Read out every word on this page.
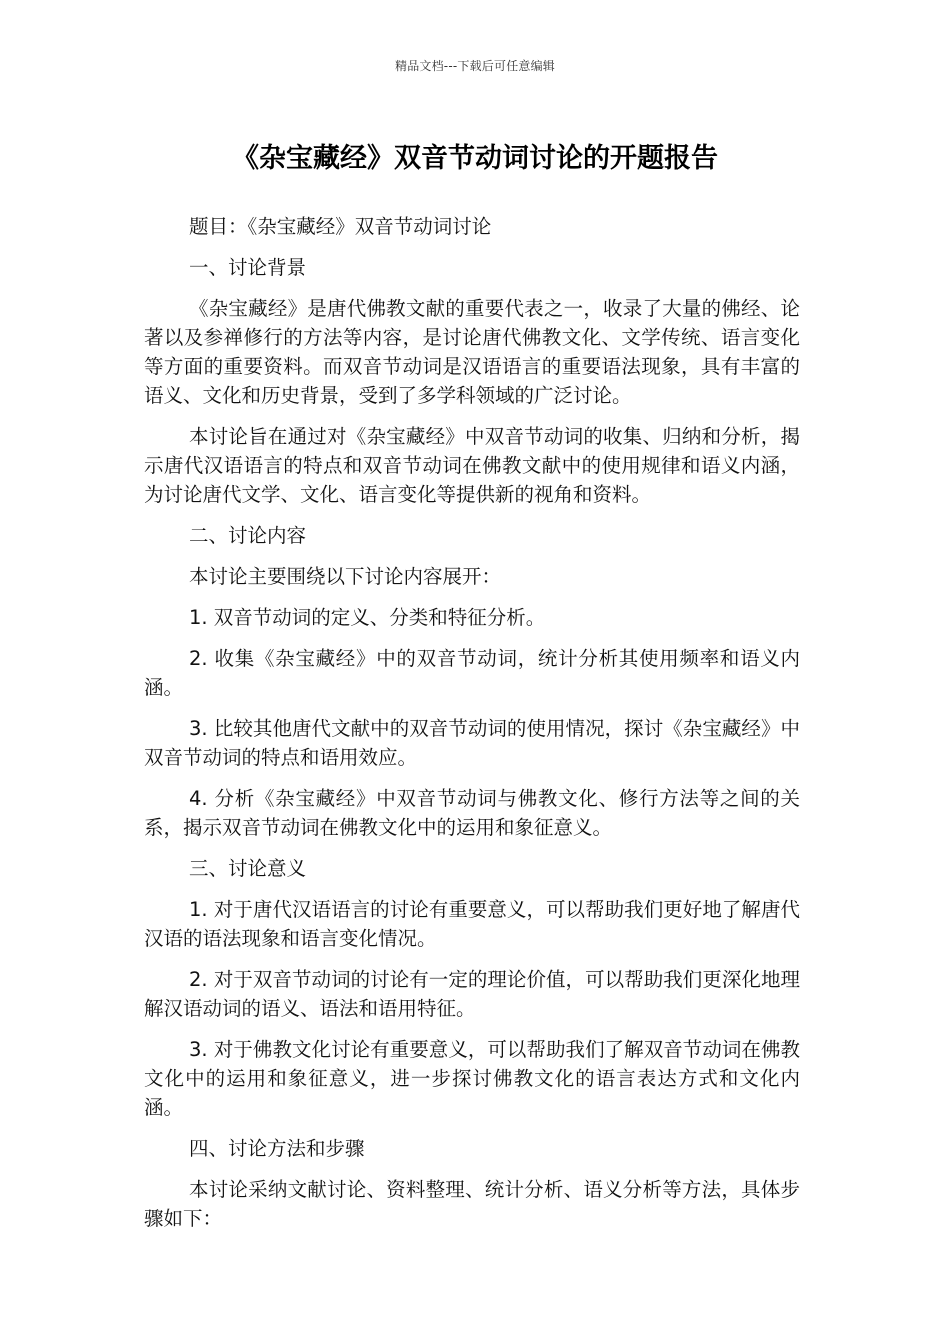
精品文档---下载后可任意编辑
《杂宝藏经》双音节动词讨论的开题报告

题目：《杂宝藏经》双音节动词讨论

一、讨论背景

《杂宝藏经》是唐代佛教文献的重要代表之一，收录了大量的佛经、论著以及参禅修行的方法等内容，是讨论唐代佛教文化、文学传统、语言变化等方面的重要资料。而双音节动词是汉语语言的重要语法现象，具有丰富的语义、文化和历史背景，受到了多学科领域的广泛讨论。

本讨论旨在通过对《杂宝藏经》中双音节动词的收集、归纳和分析，揭示唐代汉语语言的特点和双音节动词在佛教文献中的使用规律和语义内涵，为讨论唐代文学、文化、语言变化等提供新的视角和资料。

二、讨论内容

本讨论主要围绕以下讨论内容展开：

1. 双音节动词的定义、分类和特征分析。

2. 收集《杂宝藏经》中的双音节动词，统计分析其使用频率和语义内涵。

3. 比较其他唐代文献中的双音节动词的使用情况，探讨《杂宝藏经》中双音节动词的特点和语用效应。

4. 分析《杂宝藏经》中双音节动词与佛教文化、修行方法等之间的关系，揭示双音节动词在佛教文化中的运用和象征意义。

三、讨论意义

1. 对于唐代汉语语言的讨论有重要意义，可以帮助我们更好地了解唐代汉语的语法现象和语言变化情况。

2. 对于双音节动词的讨论有一定的理论价值，可以帮助我们更深化地理解汉语动词的语义、语法和语用特征。

3. 对于佛教文化讨论有重要意义，可以帮助我们了解双音节动词在佛教文化中的运用和象征意义，进一步探讨佛教文化的语言表达方式和文化内涵。

四、讨论方法和步骤

本讨论采纳文献讨论、资料整理、统计分析、语义分析等方法，具体步骤如下：
